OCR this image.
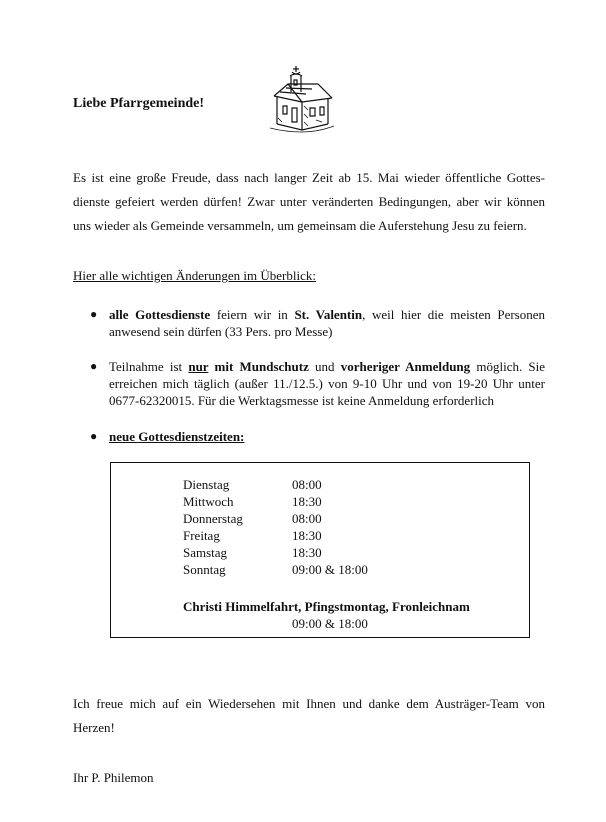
Liebe Pfarrgemeinde!
Es ist eine große Freude, dass nach langer Zeit ab 15. Mai wieder öffentliche Gottes-
dienste gefeiert werden dürfen! Zwar unter veränderten Bedingungen, aber wir können
uns wieder als Gemeinde versammeln, um gemeinsam die Auferstehung Jesu zu feiern.
Hier alle wichtigen Änderungen im Überblick:
● alle Gottesdienste feiern wir in St. Valentin, weil hier die meisten Personen
anwesend sein dürfen (33 Pers. pro Messe)
● Teilnahme ist nur mit Mundschutz und vorheriger Anmeldung möglich. Sie
erreichen mich täglich (außer 11./12.5.) von 9-10 Uhr und von 19-20 Uhr unter
0677-62320015. Für die Werktagsmesse ist keine Anmeldung erforderlich
● neue Gottesdienstzeiten:
Dienstag	08:00
Mittwoch	18:30
Donnerstag	08:00
Freitag	18:30
Samstag	18:30
Sonntag	09:00 & 18:00
Christi Himmelfahrt, Pfingstmontag, Fronleichnam
09:00 & 18:00
Ich freue mich auf ein Wiedersehen mit Ihnen und danke dem Austräger-Team von
Herzen!
Ihr P. Philemon
